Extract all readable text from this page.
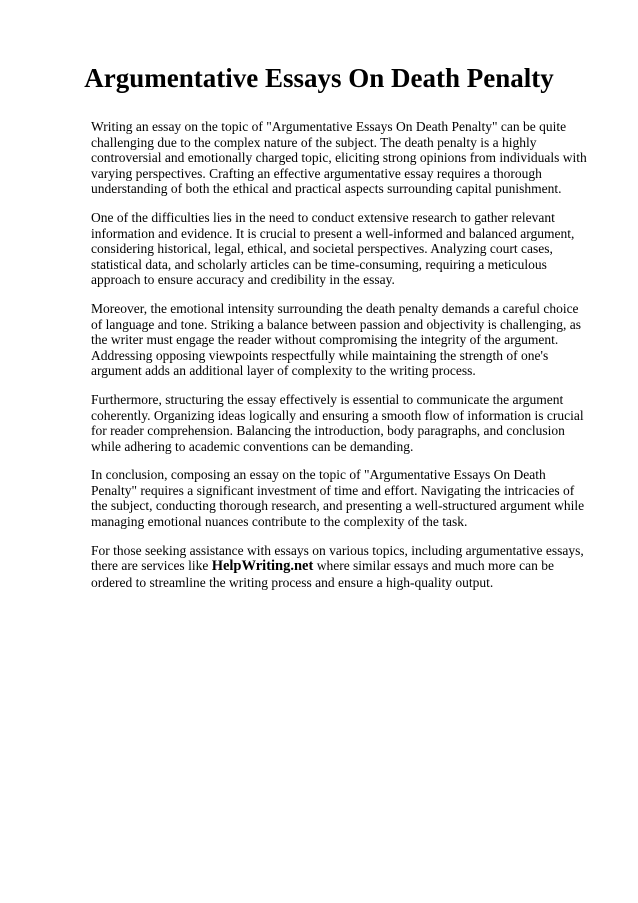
Argumentative Essays On Death Penalty

Writing an essay on the topic of "Argumentative Essays On Death Penalty" can be quite challenging due to the complex nature of the subject. The death penalty is a highly controversial and emotionally charged topic, eliciting strong opinions from individuals with varying perspectives. Crafting an effective argumentative essay requires a thorough understanding of both the ethical and practical aspects surrounding capital punishment.

One of the difficulties lies in the need to conduct extensive research to gather relevant information and evidence. It is crucial to present a well-informed and balanced argument, considering historical, legal, ethical, and societal perspectives. Analyzing court cases, statistical data, and scholarly articles can be time-consuming, requiring a meticulous approach to ensure accuracy and credibility in the essay.

Moreover, the emotional intensity surrounding the death penalty demands a careful choice of language and tone. Striking a balance between passion and objectivity is challenging, as the writer must engage the reader without compromising the integrity of the argument. Addressing opposing viewpoints respectfully while maintaining the strength of one's argument adds an additional layer of complexity to the writing process.

Furthermore, structuring the essay effectively is essential to communicate the argument coherently. Organizing ideas logically and ensuring a smooth flow of information is crucial for reader comprehension. Balancing the introduction, body paragraphs, and conclusion while adhering to academic conventions can be demanding.

In conclusion, composing an essay on the topic of "Argumentative Essays On Death Penalty" requires a significant investment of time and effort. Navigating the intricacies of the subject, conducting thorough research, and presenting a well-structured argument while managing emotional nuances contribute to the complexity of the task.

For those seeking assistance with essays on various topics, including argumentative essays, there are services like HelpWriting.net where similar essays and much more can be ordered to streamline the writing process and ensure a high-quality output.
